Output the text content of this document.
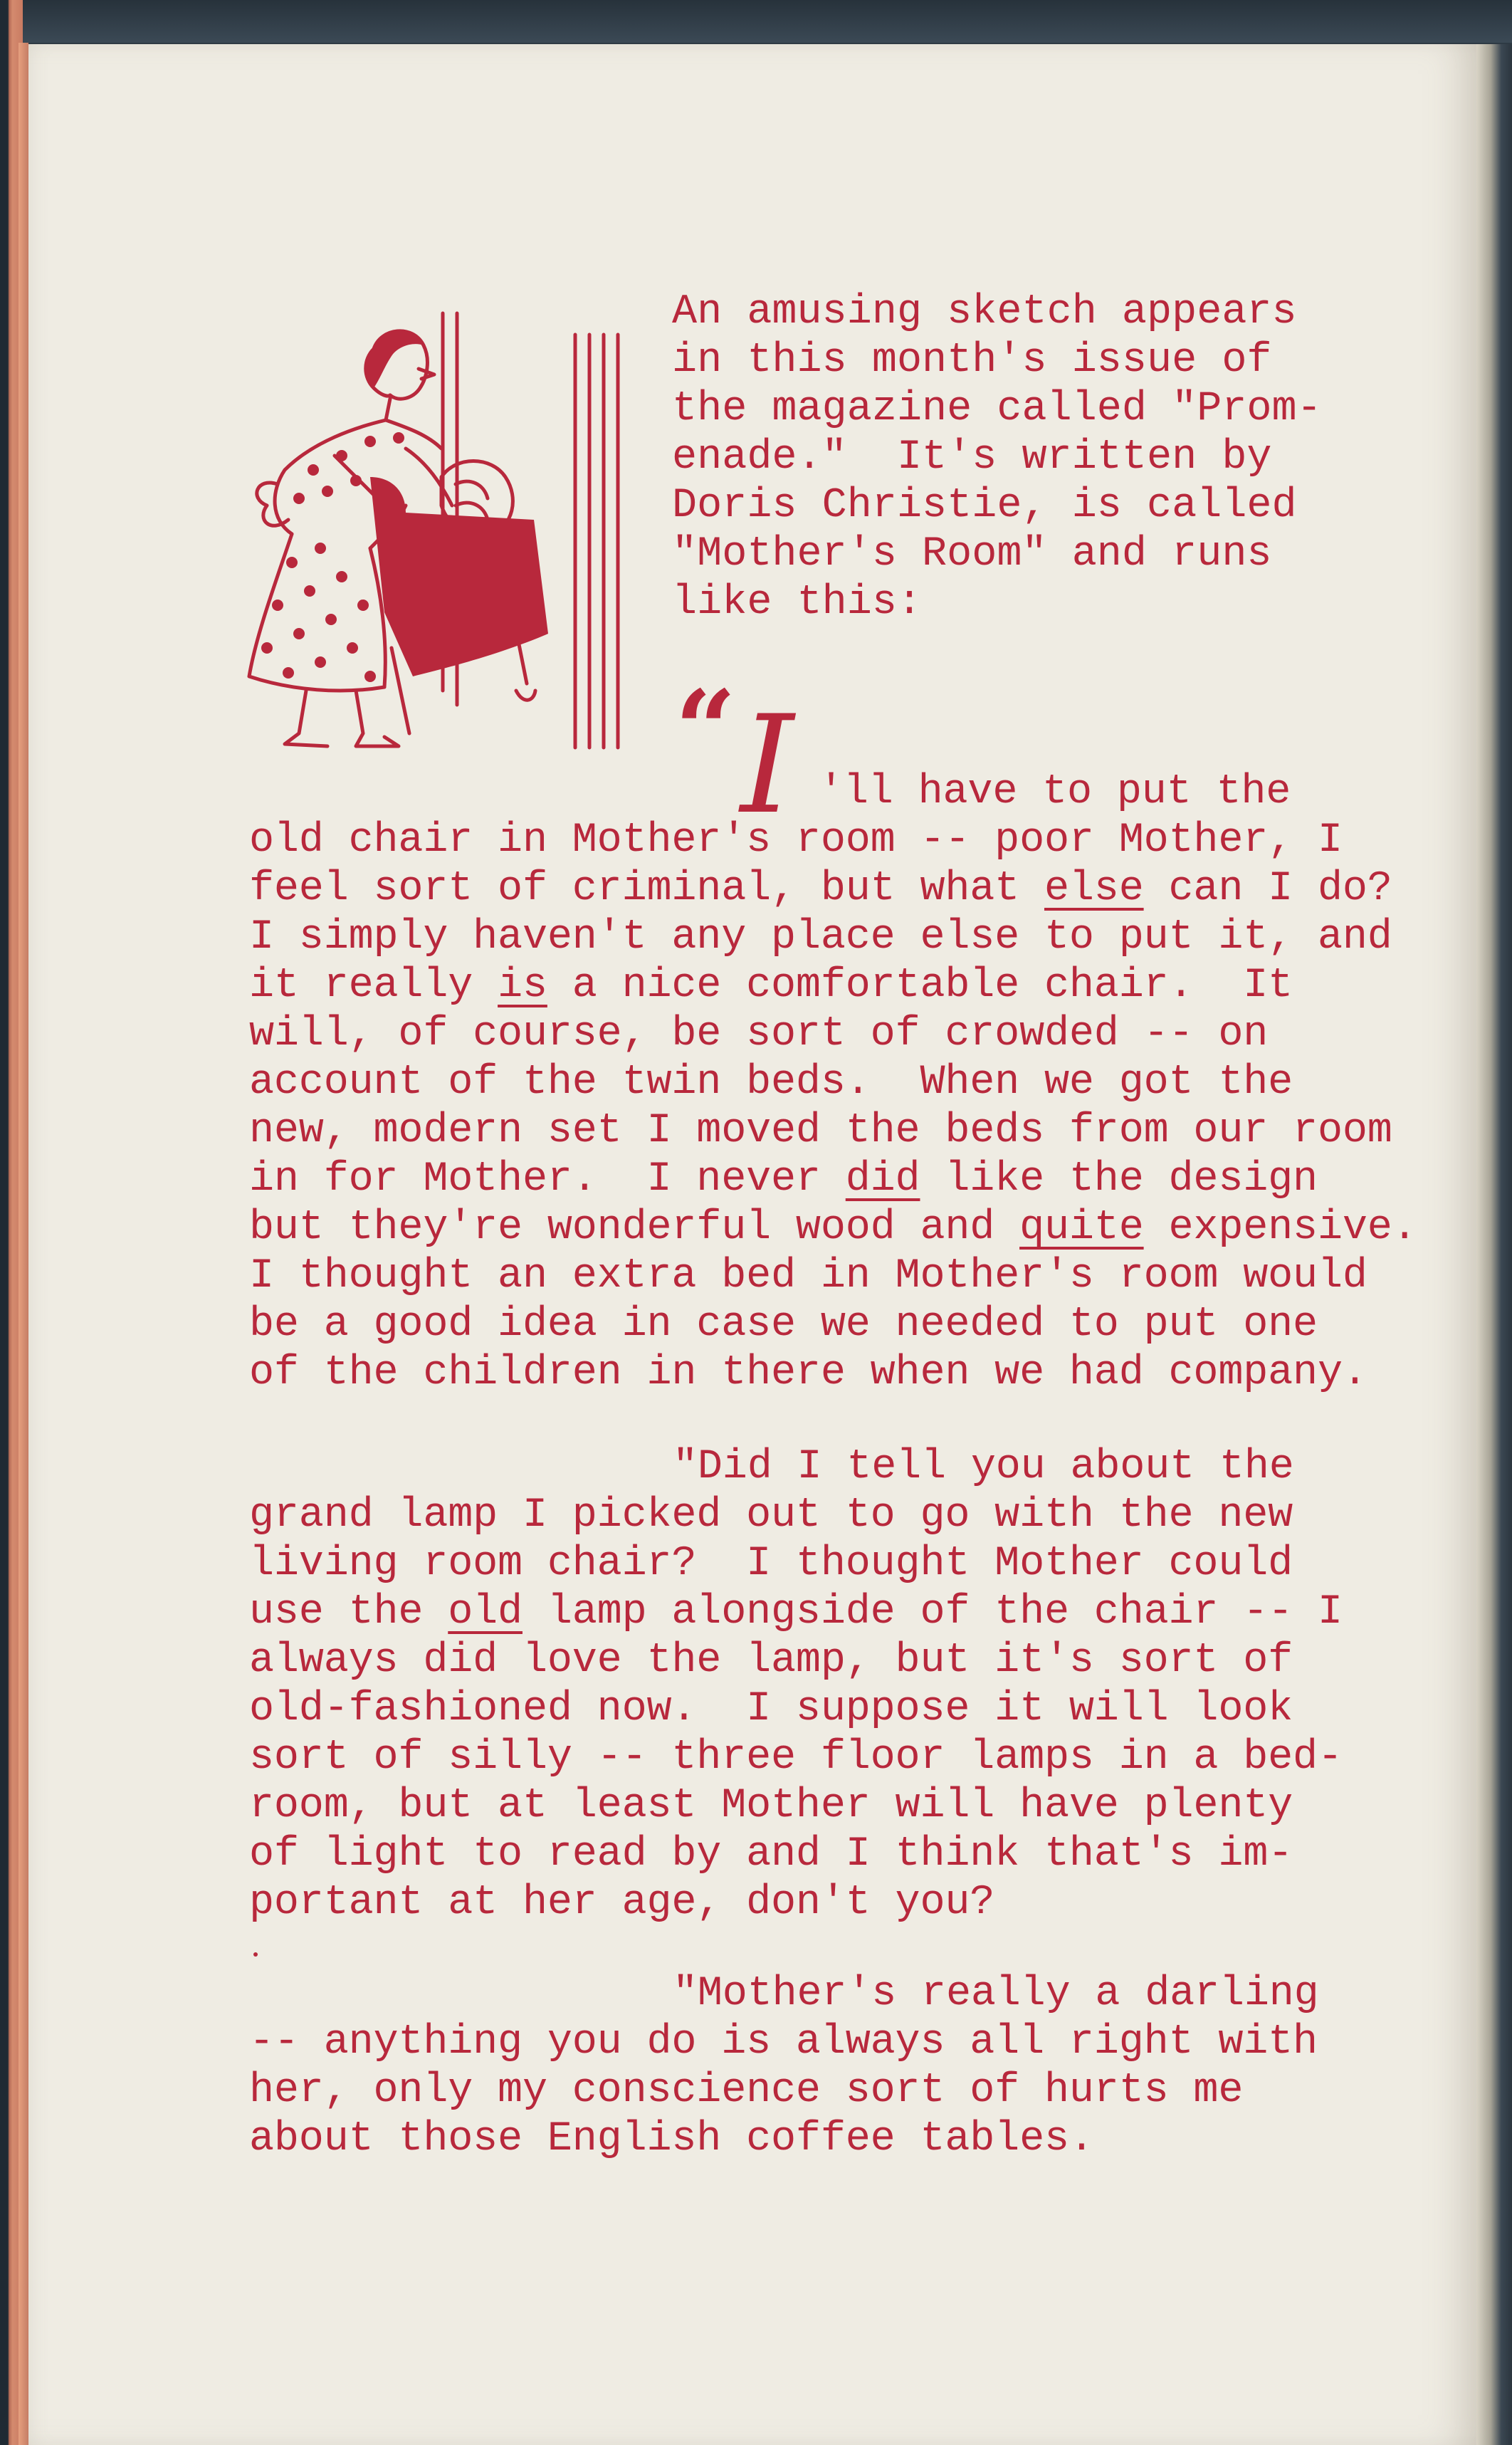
An amusing sketch appears
in this month's issue of
the magazine called "Prom-
enade."  It's written by
Doris Christie, is called
"Mother's Room" and runs
like this:
“ I 'll have to put the
old chair in Mother's room -- poor Mother, I
feel sort of criminal, but what else can I do?
I simply haven't any place else to put it, and
it really is a nice comfortable chair.  It
will, of course, be sort of crowded -- on
account of the twin beds.  When we got the
new, modern set I moved the beds from our room
in for Mother.  I never did like the design
but they're wonderful wood and quite expensive.
I thought an extra bed in Mother's room would
be a good idea in case we needed to put one
of the children in there when we had company.
"Did I tell you about the
grand lamp I picked out to go with the new
living room chair?  I thought Mother could
use the old lamp alongside of the chair -- I
always did love the lamp, but it's sort of
old-fashioned now.  I suppose it will look
sort of silly -- three floor lamps in a bed-
room, but at least Mother will have plenty
of light to read by and I think that's im-
portant at her age, don't you?
"Mother's really a darling
-- anything you do is always all right with
her, only my conscience sort of hurts me
about those English coffee tables.
